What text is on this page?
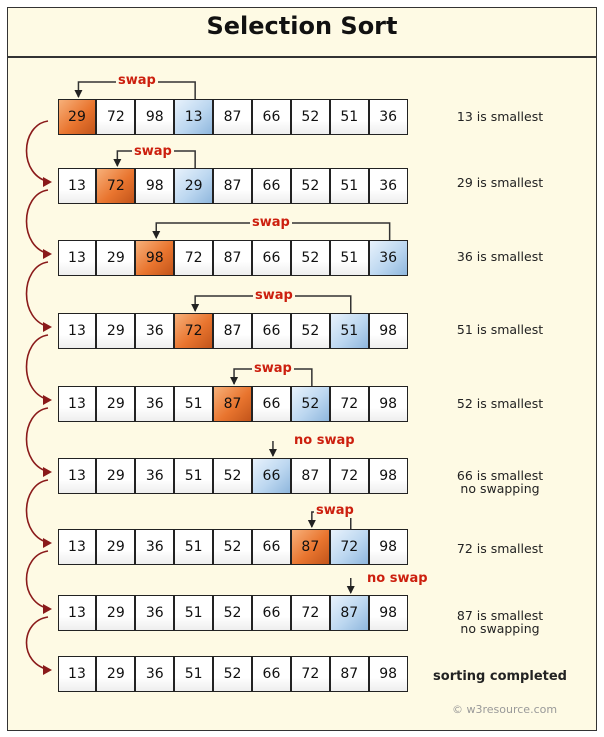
Selection Sort
29	72	98	13	87	66	52	51	36	13 is smallest
13	72	98	29	87	66	52	51	36	29 is smallest
13	29	98	72	87	66	52	51	36	36 is smallest
13	29	36	72	87	66	52	51	98	51 is smallest
13	29	36	51	87	66	52	72	98	52 is smallest
13	29	36	51	52	66	87	72	98	66 is smallest
no swapping
13	29	36	51	52	66	87	72	98	72 is smallest
13	29	36	51	52	66	72	87	98	87 is smallest
no swapping
13	29	36	51	52	66	72	87	98	sorting completed
swap
swap
swap
swap
swap
no swap
swap
no swap
© w3resource.com
